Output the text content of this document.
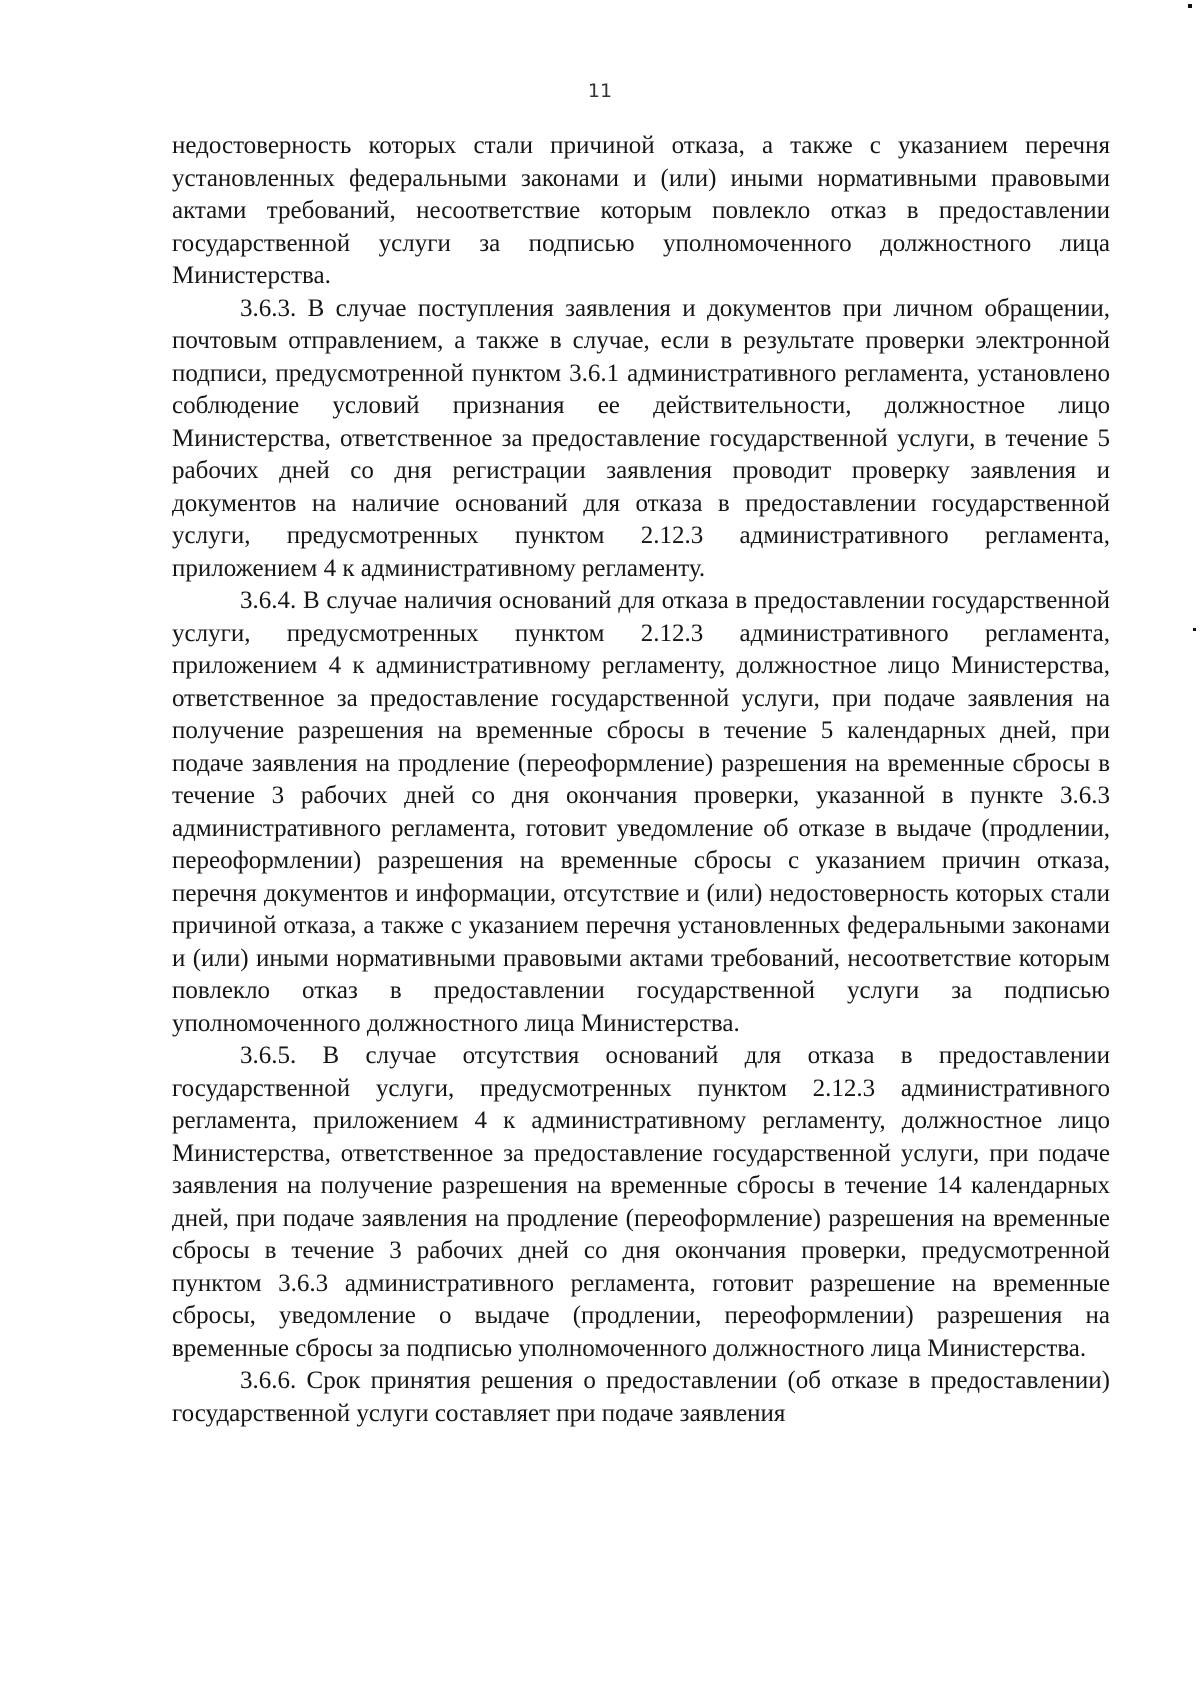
11

недостоверность которых стали причиной отказа, а также с указанием перечня установленных федеральными законами и (или) иными нормативными правовыми актами требований, несоответствие которым повлекло отказ в предоставлении государственной услуги за подписью уполномоченного должностного лица Министерства.

3.6.3. В случае поступления заявления и документов при личном обращении, почтовым отправлением, а также в случае, если в результате проверки электронной подписи, предусмотренной пунктом 3.6.1 административного регламента, установлено соблюдение условий признания ее действительности, должностное лицо Министерства, ответственное за предоставление государственной услуги, в течение 5 рабочих дней со дня регистрации заявления проводит проверку заявления и документов на наличие оснований для отказа в предоставлении государственной услуги, предусмотренных пунктом 2.12.3 административного регламента, приложением 4 к административному регламенту.

3.6.4. В случае наличия оснований для отказа в предоставлении государственной услуги, предусмотренных пунктом 2.12.3 административного регламента, приложением 4 к административному регламенту, должностное лицо Министерства, ответственное за предоставление государственной услуги, при подаче заявления на получение разрешения на временные сбросы в течение 5 календарных дней, при подаче заявления на продление (переоформление) разрешения на временные сбросы в течение 3 рабочих дней со дня окончания проверки, указанной в пункте 3.6.3 административного регламента, готовит уведомление об отказе в выдаче (продлении, переоформлении) разрешения на временные сбросы с указанием причин отказа, перечня документов и информации, отсутствие и (или) недостоверность которых стали причиной отказа, а также с указанием перечня установленных федеральными законами и (или) иными нормативными правовыми актами требований, несоответствие которым повлекло отказ в предоставлении государственной услуги за подписью уполномоченного должностного лица Министерства.

3.6.5. В случае отсутствия оснований для отказа в предоставлении государственной услуги, предусмотренных пунктом 2.12.3 административного регламента, приложением 4 к административному регламенту, должностное лицо Министерства, ответственное за предоставление государственной услуги, при подаче заявления на получение разрешения на временные сбросы в течение 14 календарных дней, при подаче заявления на продление (переоформление) разрешения на временные сбросы в течение 3 рабочих дней со дня окончания проверки, предусмотренной пунктом 3.6.3 административного регламента, готовит разрешение на временные сбросы, уведомление о выдаче (продлении, переоформлении) разрешения на временные сбросы за подписью уполномоченного должностного лица Министерства.

3.6.6. Срок принятия решения о предоставлении (об отказе в предоставлении) государственной услуги составляет при подаче заявления
